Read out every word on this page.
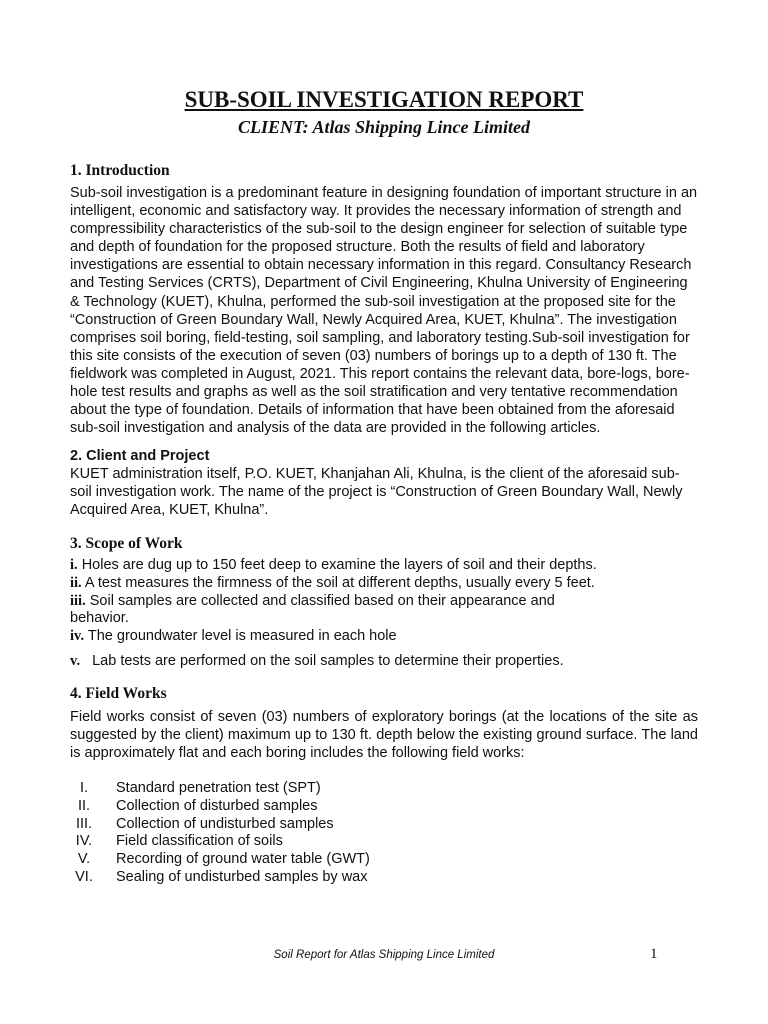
SUB-SOIL INVESTIGATION REPORT
CLIENT: Atlas Shipping Lince Limited
1. Introduction

Sub-soil investigation is a predominant feature in designing foundation of important structure in an intelligent, economic and satisfactory way. It provides the necessary information of strength and compressibility characteristics of the sub-soil to the design engineer for selection of suitable type and depth of foundation for the proposed structure. Both the results of field and laboratory investigations are essential to obtain necessary information in this regard. Consultancy Research and Testing Services (CRTS), Department of Civil Engineering, Khulna University of Engineering & Technology (KUET), Khulna, performed the sub-soil investigation at the proposed site for the “Construction of Green Boundary Wall, Newly Acquired Area, KUET, Khulna”. The investigation comprises soil boring, field-testing, soil sampling, and laboratory testing.Sub-soil investigation for this site consists of the execution of seven (03) numbers of borings up to a depth of 130 ft. The fieldwork was completed in August, 2021. This report contains the relevant data, bore-logs, bore-hole test results and graphs as well as the soil stratification and very tentative recommendation about the type of foundation. Details of information that have been obtained from the aforesaid sub-soil investigation and analysis of the data are provided in the following articles.

2. Client and Project

KUET administration itself, P.O. KUET, Khanjahan Ali, Khulna, is the client of the aforesaid sub-soil investigation work. The name of the project is “Construction of Green Boundary Wall, Newly Acquired Area, KUET, Khulna”.

3. Scope of Work
i. Holes are dug up to 150 feet deep to examine the layers of soil and their depths.
ii. A test measures the firmness of the soil at different depths, usually every 5 feet.
iii. Soil samples are collected and classified based on their appearance and
behavior.
iv. The groundwater level is measured in each hole
v. Lab tests are performed on the soil samples to determine their properties.
4. Field Works

Field works consist of seven (03) numbers of exploratory borings (at the locations of the site as suggested by the client) maximum up to 130 ft. depth below the existing ground surface. The land is approximately flat and each boring includes the following field works:

I. Standard penetration test (SPT)
II. Collection of disturbed samples
III. Collection of undisturbed samples
IV. Field classification of soils
V. Recording of ground water table (GWT)
VI. Sealing of undisturbed samples by wax
Soil Report for Atlas Shipping Lince Limited	1
